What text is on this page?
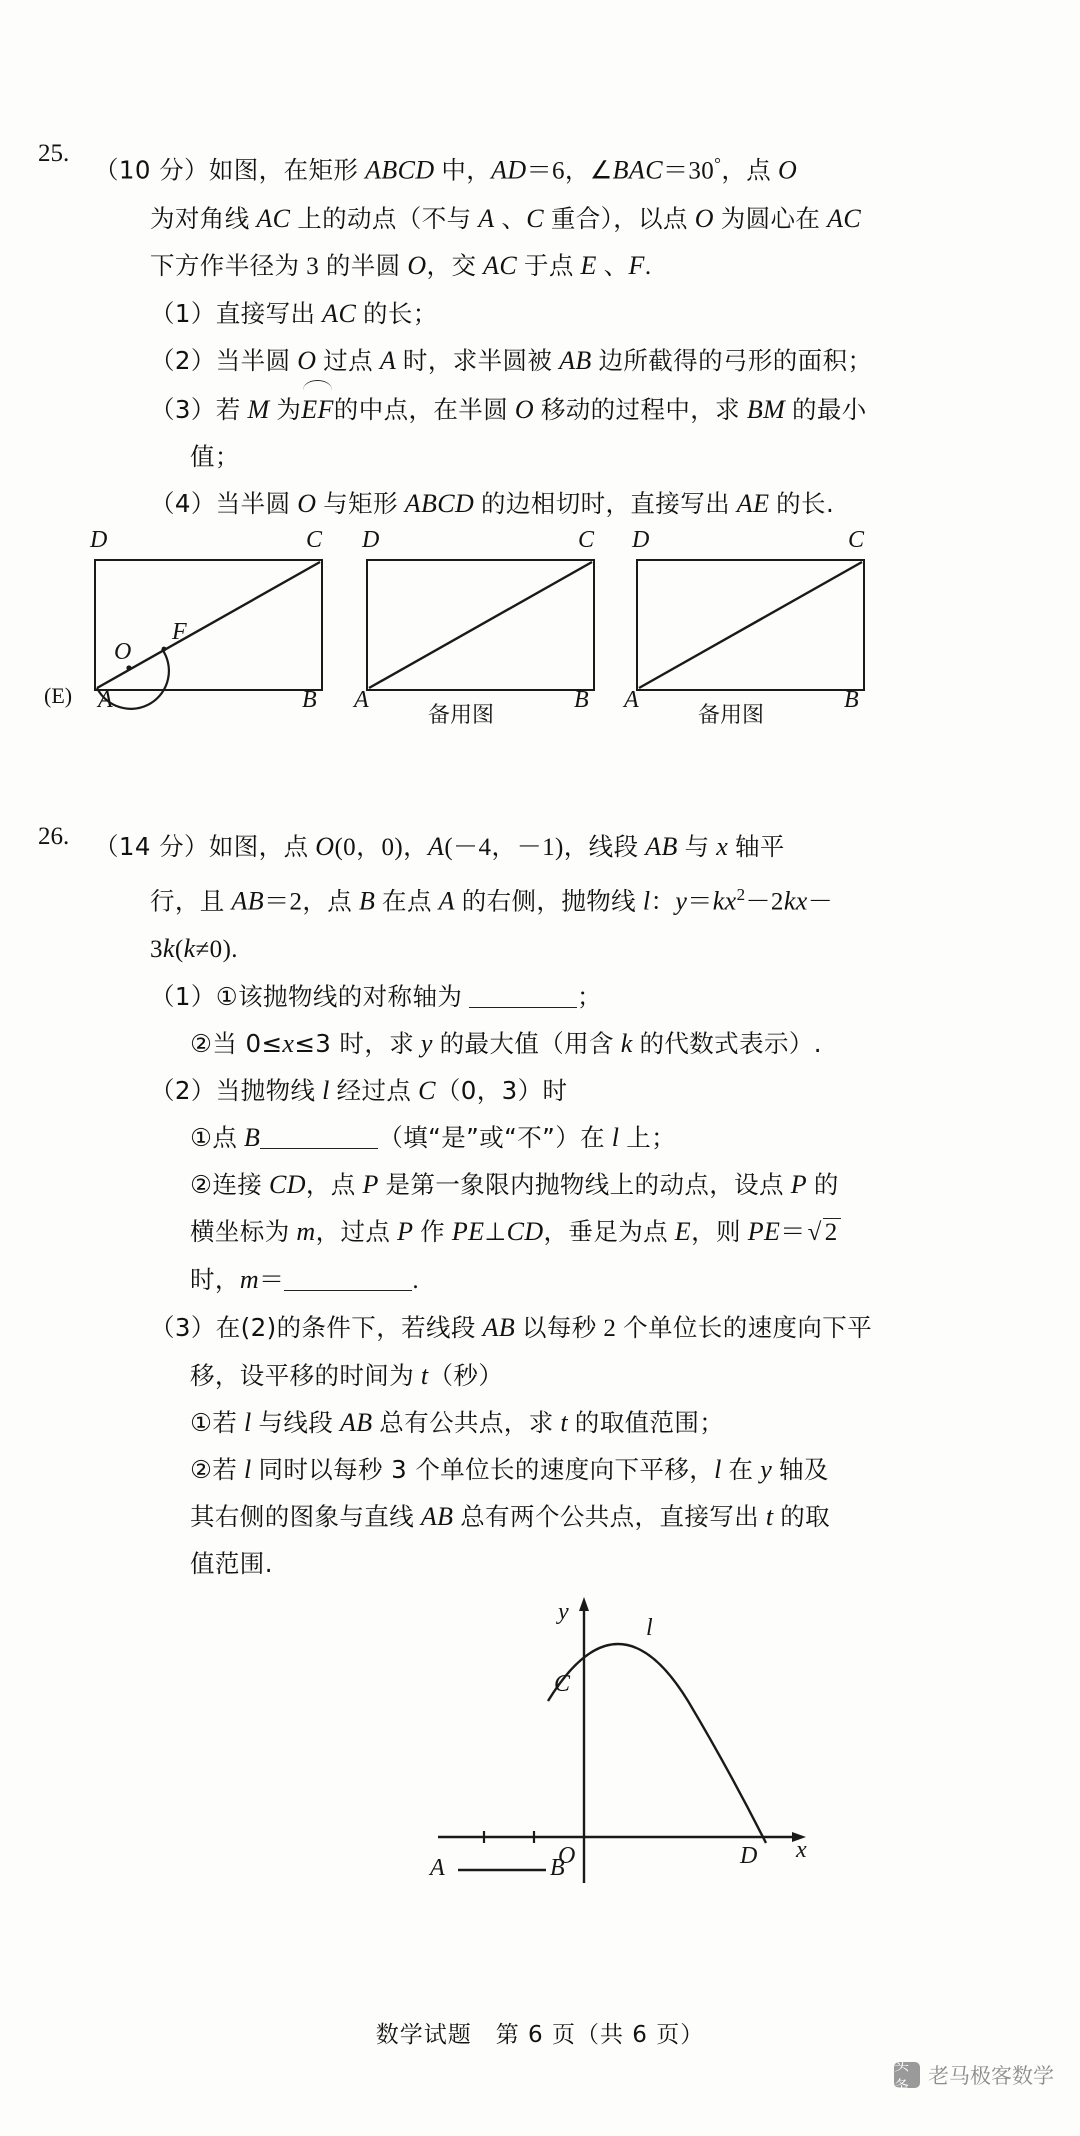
25.
（10 分）如图，在矩形 ABCD 中，AD＝6，∠BAC＝30°，点 O
为对角线 AC 上的动点（不与 A 、C 重合），以点 O 为圆心在 AC
下方作半径为 3 的半圆 O，交 AC 于点 E 、F.
（1）直接写出 AC 的长；
（2）当半圆 O 过点 A 时，求半圆被 AB 边所截得的弓形的面积；
（3）若 M 为EF的中点，在半圆 O 移动的过程中，求 BM 的最小
值；
（4）当半圆 O 与矩形 ABCD 的边相切时，直接写出 AE 的长.
D	C
A	B
(E)
O
F
D	C
A	B
备用图
D	C
A	B
备用图
26.	（14 分）如图，点 O(0，0)，A(－4，－1)，线段 AB 与 x 轴平
行，且 AB＝2，点 B 在点 A 的右侧，抛物线 l：$y=kx^2-2kx-$
3k(k≠0).
（1）①该抛物线的对称轴为	；
②当 0≤x≤3 时，求 y 的最大值（用含 k 的代数式表示）.
（2）当抛物线 l 经过点 C（0，3）时
①点 B	（填“是”或“不”）在 l 上；
②连接 CD，点 P 是第一象限内抛物线上的动点，设点 P 的
横坐标为 m，过点 P 作 PE⊥CD，垂足为点 E，则 PE＝√ 2
时，m＝	.
（3）在(2)的条件下，若线段 AB 以每秒 2 个单位长的速度向下平
移，设平移的时间为 t（秒）
①若 l 与线段 AB 总有公共点，求 t 的取值范围；
②若 l 同时以每秒 3 个单位长的速度向下平移，l 在 y 轴及
其右侧的图象与直线 AB 总有两个公共点，直接写出 t 的取
值范围.
y
x
O
l
C
D
A	B
数学试题　第 6 页（共 6 页）
头条 老马极客数学
